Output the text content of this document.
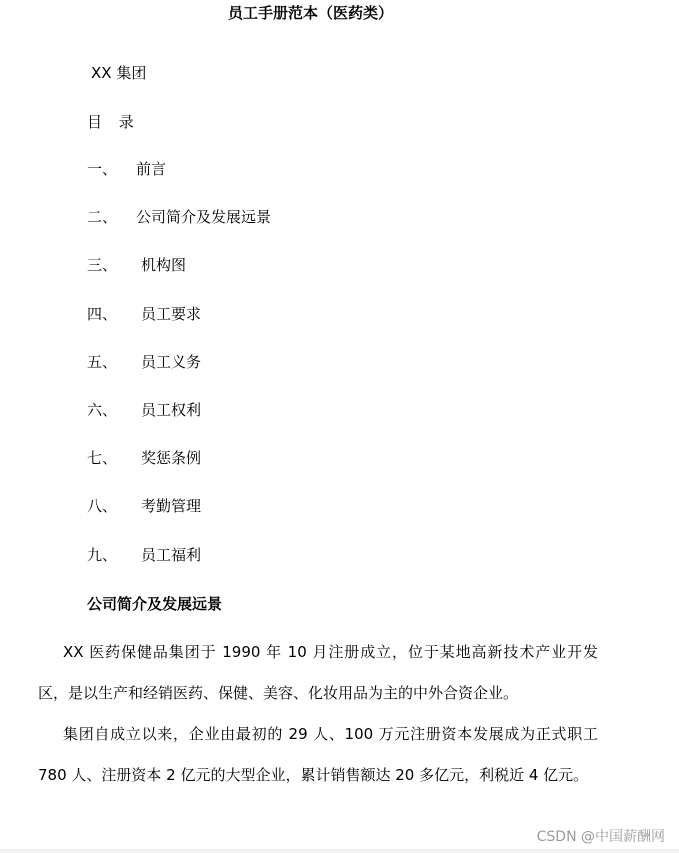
员工手册范本（医药类）
XX 集团
目 录
一、 前言
二、 公司简介及发展远景
三、 机构图
四、 员工要求
五、 员工义务
六、 员工权利
七、 奖惩条例
八、 考勤管理
九、 员工福利
公司简介及发展远景

XX 医药保健品集团于 1990 年 10 月注册成立，位于某地高新技术产业开发区，是以生产和经销医药、保健、美容、化妆用品为主的中外合资企业。

集团自成立以来，企业由最初的 29 人、100 万元注册资本发展成为正式职工 780 人、注册资本 2 亿元的大型企业，累计销售额达 20 多亿元，利税近 4 亿元。

CSDN @中国薪酬网
